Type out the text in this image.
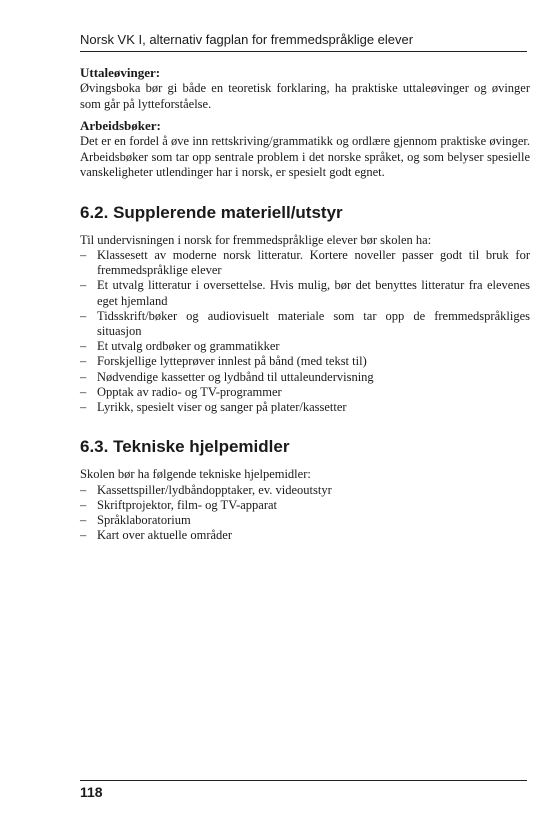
Norsk VK I, alternativ fagplan for fremmedspråklige elever

Uttaleøvinger:

Øvingsboka bør gi både en teoretisk forklaring, ha praktiske uttaleøvinger og øvinger som går på lytteforståelse.

Arbeidsbøker:

Det er en fordel å øve inn rettskriving/grammatikk og ordlære gjennom praktiske øvinger. Arbeidsbøker som tar opp sentrale problem i det norske språket, og som belyser spesielle vanskeligheter utlendinger har i norsk, er spesielt godt egnet.

6.2. Supplerende materiell/utstyr

Til undervisningen i norsk for fremmedspråklige elever bør skolen ha:

– Klassesett av moderne norsk litteratur. Kortere noveller passer godt til bruk for fremmedspråklige elever
– Et utvalg litteratur i oversettelse. Hvis mulig, bør det benyttes litteratur fra elevenes eget hjemland
– Tidsskrift/bøker og audiovisuelt materiale som tar opp de fremmedspråkliges situasjon
– Et utvalg ordbøker og grammatikker
– Forskjellige lytteprøver innlest på bånd (med tekst til)
– Nødvendige kassetter og lydbånd til uttaleundervisning
– Opptak av radio- og TV-programmer
– Lyrikk, spesielt viser og sanger på plater/kassetter
6.3. Tekniske hjelpemidler

Skolen bør ha følgende tekniske hjelpemidler:

– Kassettspiller/lydbåndopptaker, ev. videoutstyr
– Skriftprojektor, film- og TV-apparat
– Språklaboratorium
– Kart over aktuelle områder
118
